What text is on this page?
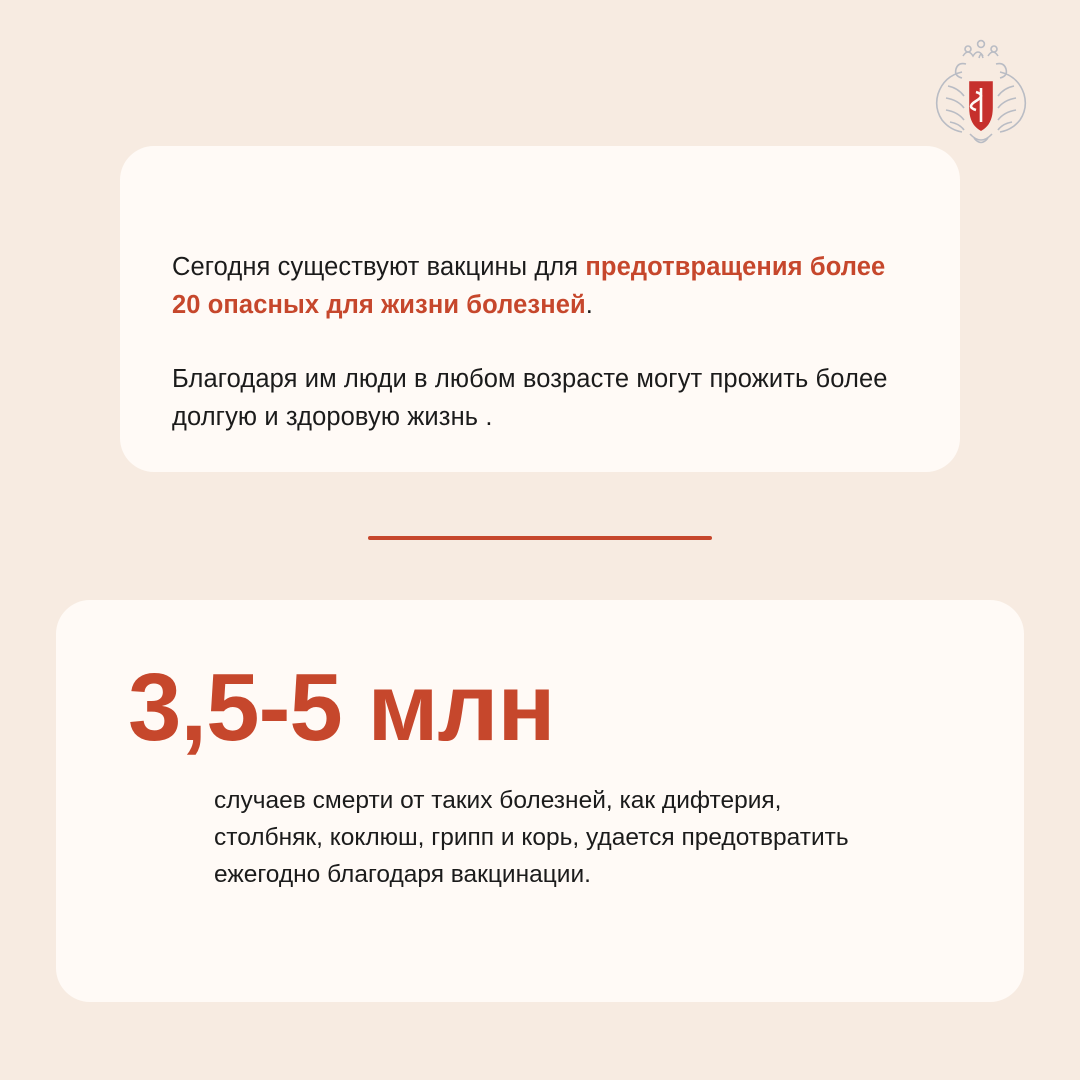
Сегодня существуют вакцины для предотвращения более 20 опасных для жизни болезней.

Благодаря им люди в любом возрасте могут прожить более долгую и здоровую жизнь .

3,5-5 млн
случаев смерти от таких болезней, как дифтерия, столбняк, коклюш, грипп и корь, удается предотвратить ежегодно благодаря вакцинации.
